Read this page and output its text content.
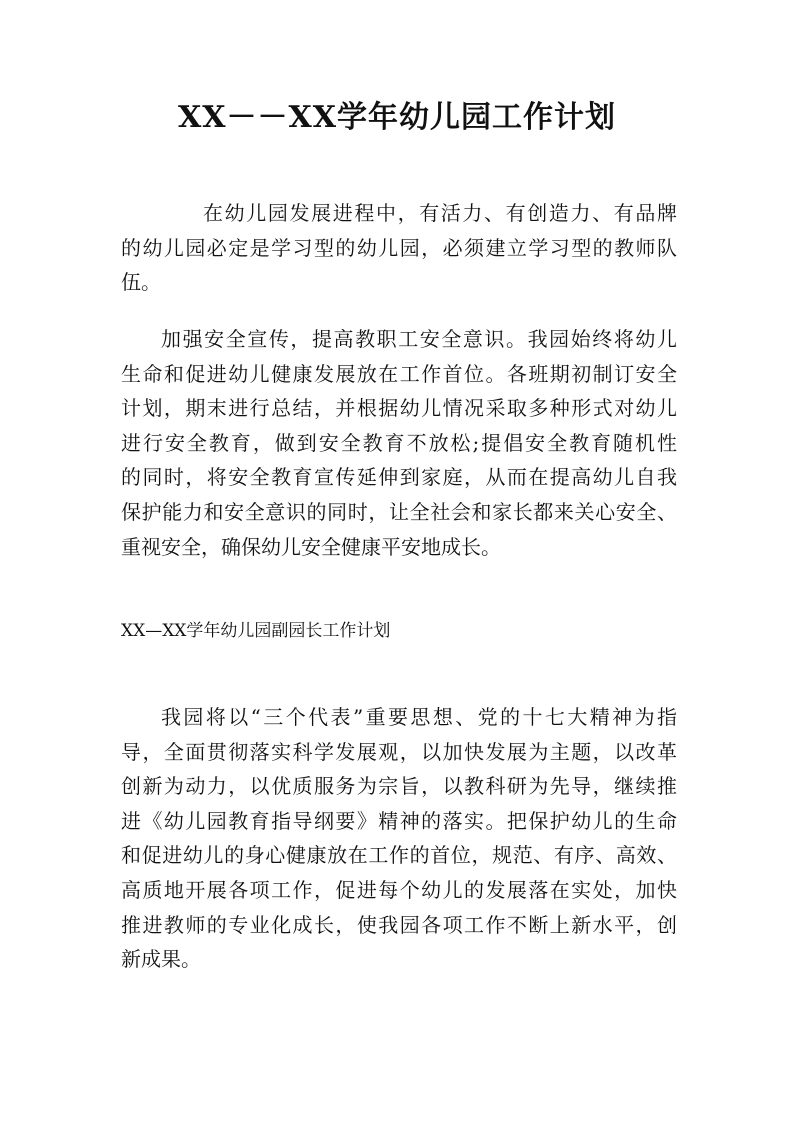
XX－－XX学年幼儿园工作计划
在幼儿园发展进程中，有活力、有创造力、有品牌
的幼儿园必定是学习型的幼儿园，必须建立学习型的教师队
伍。
加强安全宣传，提高教职工安全意识。我园始终将幼儿
生命和促进幼儿健康发展放在工作首位。各班期初制订安全
计划，期末进行总结，并根据幼儿情况采取多种形式对幼儿
进行安全教育，做到安全教育不放松;提倡安全教育随机性
的同时，将安全教育宣传延伸到家庭，从而在提高幼儿自我
保护能力和安全意识的同时，让全社会和家长都来关心安全、
重视安全，确保幼儿安全健康平安地成长。

XX—XX学年幼儿园副园长工作计划

我园将以“三个代表”重要思想、党的十七大精神为指
导，全面贯彻落实科学发展观，以加快发展为主题，以改革
创新为动力，以优质服务为宗旨，以教科研为先导，继续推
进《幼儿园教育指导纲要》精神的落实。把保护幼儿的生命
和促进幼儿的身心健康放在工作的首位，规范、有序、高效、
高质地开展各项工作，促进每个幼儿的发展落在实处，加快
推进教师的专业化成长，使我园各项工作不断上新水平，创
新成果。
